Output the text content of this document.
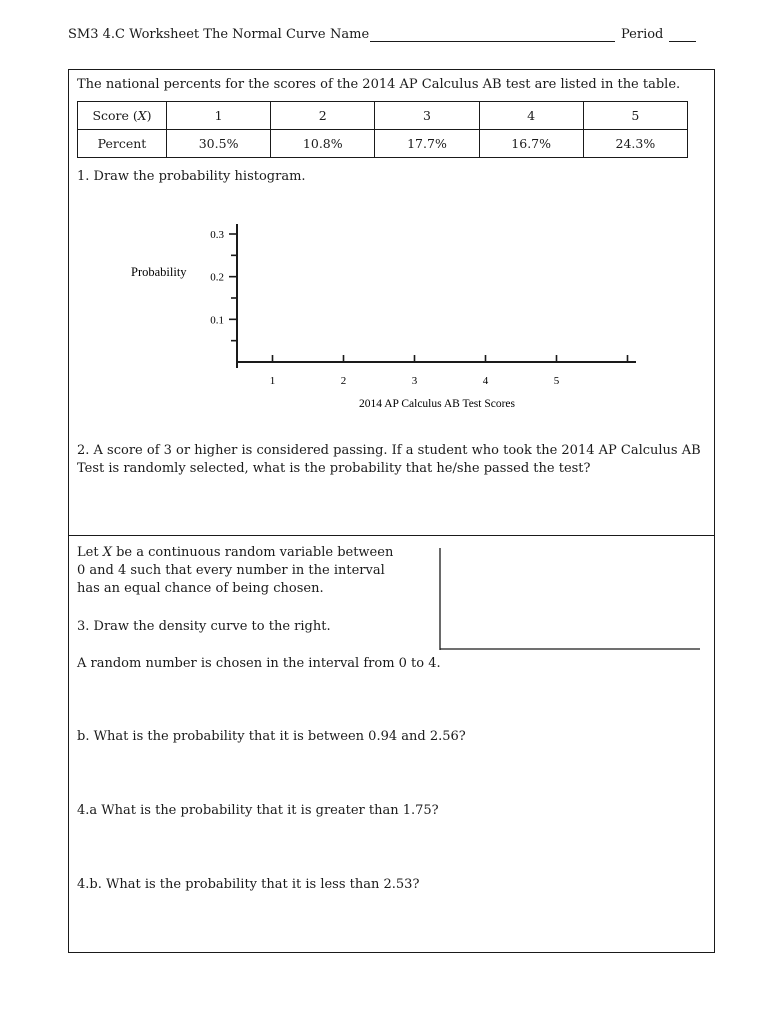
SM3 4.C Worksheet The Normal Curve Name	Period
The national percents for the scores of the 2014 AP Calculus AB test are listed in the table.
Score (X)	1	2	3	4	5
Percent	30.5%	10.8%	17.7%	16.7%	24.3%
1. Draw the probability histogram.
Probability
2014 AP Calculus AB Test Scores
0.1
0.2
0.3
1	2	3	4	5
2. A score of 3 or higher is considered passing. If a student who took the 2014 AP Calculus AB
Test is randomly selected, what is the probability that he/she passed the test?
Let X be a continuous random variable between
0 and 4 such that every number in the interval
has an equal chance of being chosen.
3. Draw the density curve to the right.
A random number is chosen in the interval from 0 to 4.
b. What is the probability that it is between 0.94 and 2.56?
4.a What is the probability that it is greater than 1.75?
4.b. What is the probability that it is less than 2.53?
